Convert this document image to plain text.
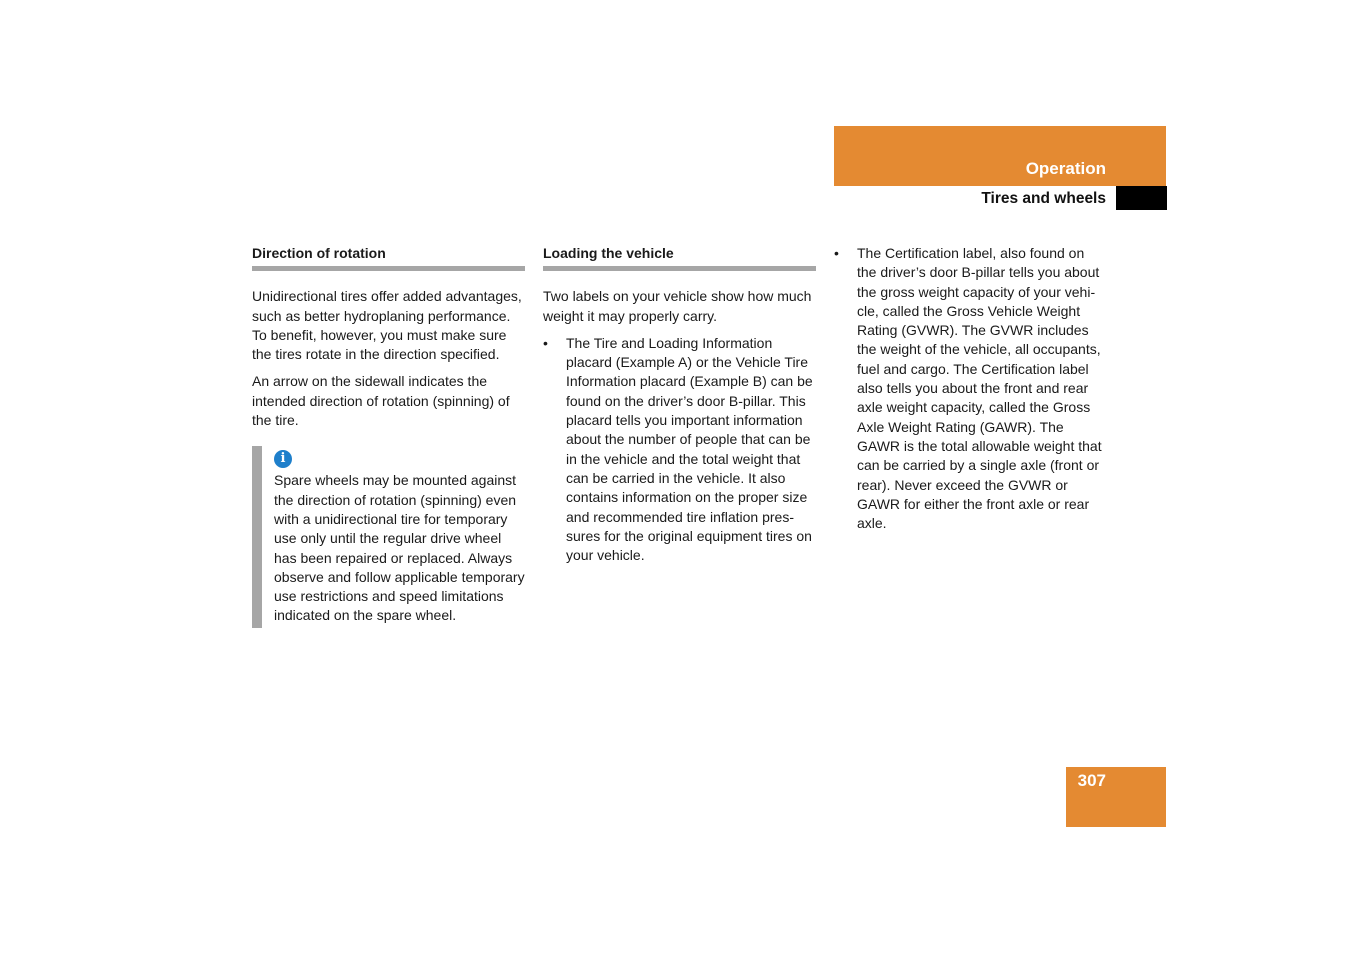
Operation
Tires and wheels
Direction of rotation

Unidirectional tires offer added advantages, such as better hydroplaning performance. To benefit, however, you must make sure the tires rotate in the direction specified.

An arrow on the sidewall indicates the intended direction of rotation (spinning) of the tire.

i

Spare wheels may be mounted against the direction of rotation (spinning) even with a unidirectional tire for temporary use only until the regular drive wheel has been repaired or replaced. Always observe and follow applicable temporary use restrictions and speed limitations indicated on the spare wheel.

Loading the vehicle

Two labels on your vehicle show how much weight it may properly carry.

• The Tire and Loading Information placard (Example A) or the Vehicle Tire Information placard (Example B) can be found on the driver’s door B-pillar. This placard tells you important information about the number of people that can be in the vehicle and the total weight that can be carried in the vehicle. It also contains information on the proper size and recommended tire inflation pressures for the original equipment tires on your vehicle.
• The Certification label, also found on the driver’s door B-pillar tells you about the gross weight capacity of your vehicle, called the Gross Vehicle Weight Rating (GVWR). The GVWR includes the weight of the vehicle, all occupants, fuel and cargo. The Certification label also tells you about the front and rear axle weight capacity, called the Gross Axle Weight Rating (GAWR). The GAWR is the total allowable weight that can be carried by a single axle (front or rear). Never exceed the GVWR or GAWR for either the front axle or rear axle.
307
